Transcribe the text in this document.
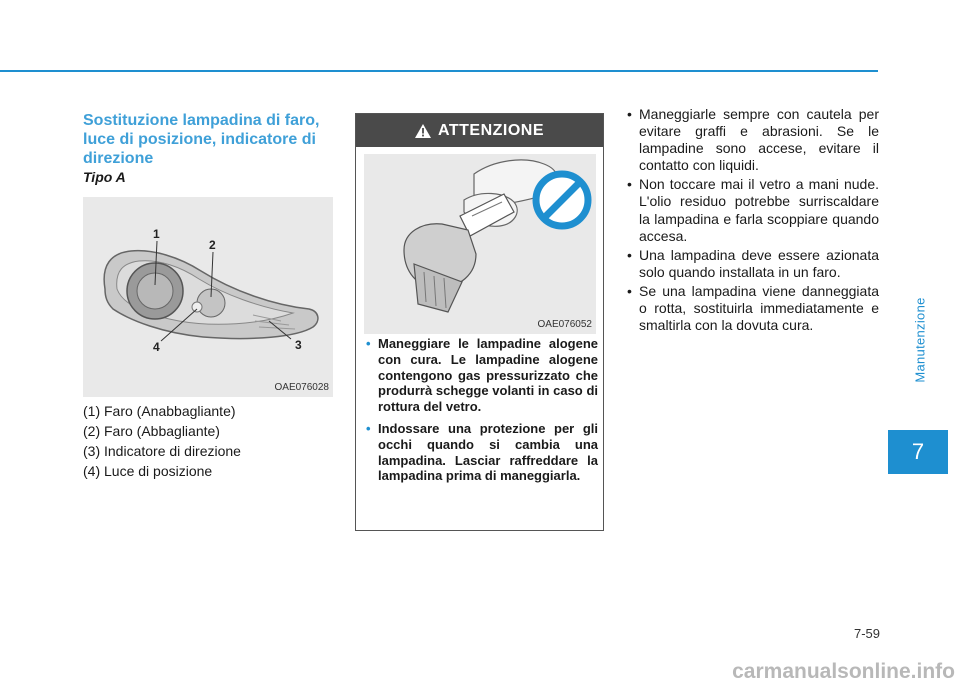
Sostituzione lampadina di faro, luce di posizione, indicatore di direzione

Tipo A

1
2
3
4
OAE076028
(1) Faro (Anabbagliante)
(2) Faro (Abbagliante)
(3) Indicatore di direzione
(4) Luce di posizione
ATTENZIONE
OAE076052
• Maneggiare le lampadine alogene con cura. Le lampadine alogene contengono gas pressurizzato che produrrà schegge volanti in caso di rottura del vetro.
• Indossare una protezione per gli occhi quando si cambia una lampadina. Lasciar raffreddare la lampadina prima di maneggiarla.
• Maneggiarle sempre con cautela per evitare graffi e abrasioni. Se le lampadine sono accese, evitare il contatto con liquidi.
• Non toccare mai il vetro a mani nude. L'olio residuo potrebbe surriscaldare la lampadina e farla scoppiare quando accesa.
• Una lampadina deve essere azionata solo quando installata in un faro.
• Se una lampadina viene danneggiata o rotta, sostituirla immediatamente e smaltirla con la dovuta cura.	Manutenzione
7
7-59
carmanualsonline.info
